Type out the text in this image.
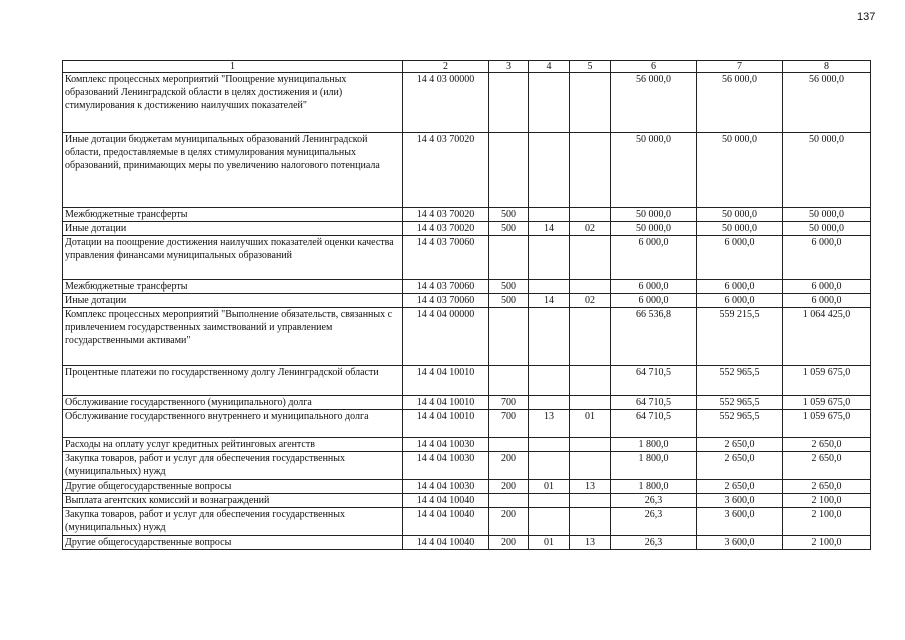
137
1	2	3	4	5	6	7	8
Комплекс процессных мероприятий "Поощрение муниципальных образований Ленинградской области в целях достижения и (или) стимулирования к достижению наилучших показателей"	14 4 03 00000				56 000,0	56 000,0	56 000,0
Иные дотации бюджетам муниципальных образований Ленинградской области, предоставляемые в целях стимулирования муниципальных образований, принимающих меры по увеличению налогового потенциала	14 4 03 70020				50 000,0	50 000,0	50 000,0
Межбюджетные трансферты	14 4 03 70020	500			50 000,0	50 000,0	50 000,0
Иные дотации	14 4 03 70020	500	14	02	50 000,0	50 000,0	50 000,0
Дотации на поощрение достижения наилучших показателей оценки качества управления финансами муниципальных образований	14 4 03 70060				6 000,0	6 000,0	6 000,0
Межбюджетные трансферты	14 4 03 70060	500			6 000,0	6 000,0	6 000,0
Иные дотации	14 4 03 70060	500	14	02	6 000,0	6 000,0	6 000,0
Комплекс процессных мероприятий "Выполнение обязательств, связанных с привлечением государственных заимствований и управлением государственными активами"	14 4 04 00000				66 536,8	559 215,5	1 064 425,0
Процентные платежи по государственному долгу Ленинградской области	14 4 04 10010				64 710,5	552 965,5	1 059 675,0
Обслуживание государственного (муниципального) долга	14 4 04 10010	700			64 710,5	552 965,5	1 059 675,0
Обслуживание государственного внутреннего и муниципального долга	14 4 04 10010	700	13	01	64 710,5	552 965,5	1 059 675,0
Расходы на оплату услуг кредитных рейтинговых агентств	14 4 04 10030				1 800,0	2 650,0	2 650,0
Закупка товаров, работ и услуг для обеспечения государственных (муниципальных) нужд	14 4 04 10030	200			1 800,0	2 650,0	2 650,0
Другие общегосударственные вопросы	14 4 04 10030	200	01	13	1 800,0	2 650,0	2 650,0
Выплата агентских комиссий и вознаграждений	14 4 04 10040				26,3	3 600,0	2 100,0
Закупка товаров, работ и услуг для обеспечения государственных (муниципальных) нужд	14 4 04 10040	200			26,3	3 600,0	2 100,0
Другие общегосударственные вопросы	14 4 04 10040	200	01	13	26,3	3 600,0	2 100,0
